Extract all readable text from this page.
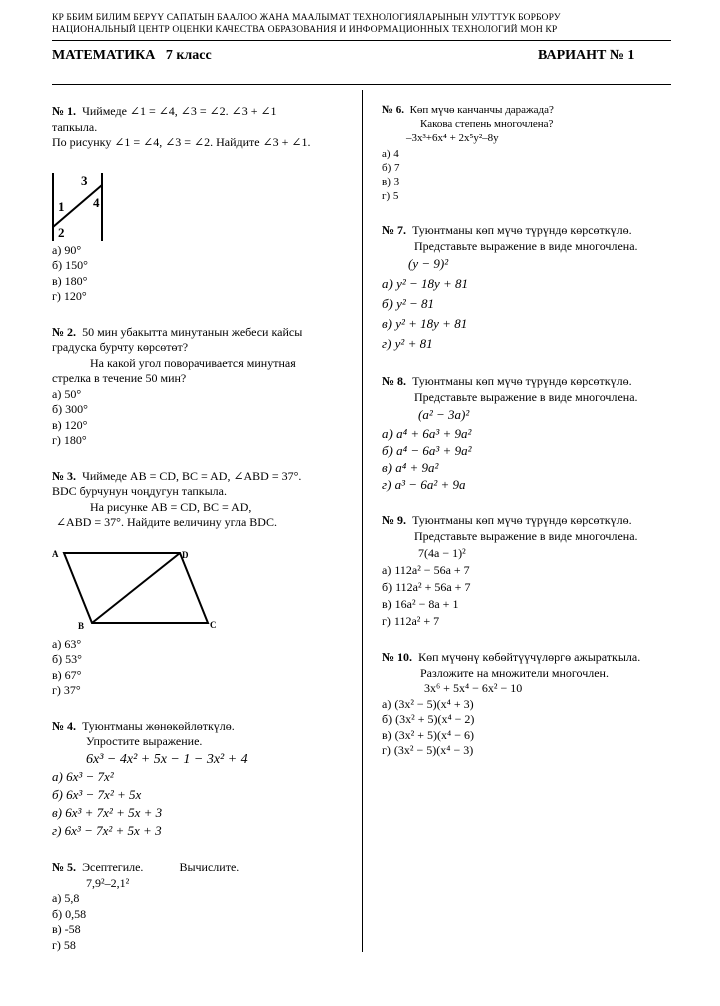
КР ББИМ БИЛИМ БЕРҮҮ САПАТЫН БААЛОО ЖАНА МААЛЫМАТ ТЕХНОЛОГИЯЛАРЫНЫН УЛУТТУК БОРБОРУ
НАЦИОНАЛЬНЫЙ ЦЕНТР ОЦЕНКИ КАЧЕСТВА ОБРАЗОВАНИЯ И ИНФОРМАЦИОННЫХ ТЕХНОЛОГИЙ МОН КР
МАТЕМАТИКА   7 класс	ВАРИАНТ № 1

№ 1. Чиймеде ∠1 = ∠4, ∠3 = ∠2. ∠3 + ∠1

тапкыла.

По рисунку ∠1 = ∠4, ∠3 = ∠2. Найдите ∠3 + ∠1.

3
1 4
2

а) 90°

б) 150°

в) 180°

г) 120°

№ 2. 50 мин убакытта минутанын жебеси кайсы

градуска бурчту көрсөтөт?

На какой угол поворачивается минутная

стрелка в течение 50 мин?

а) 50°

б) 300°

в) 120°

г) 180°

№ 3. Чиймеде AB = CD, BC = AD, ∠ABD = 37°.

BDC бурчунун чоңдугун тапкыла.

На рисунке AB = CD, BC = AD,

∠ABD = 37°. Найдите величину угла BDC.

A	D
B	C

а) 63°

б) 53°

в) 67°

г) 37°

№ 4. Туюнтманы жөнөкөйлөткүлө.

Упростите выражение.

6x³ − 4x² + 5x − 1 − 3x² + 4

а) 6x³ − 7x²

б) 6x³ − 7x² + 5x

в) 6x³ + 7x² + 5x + 3

г) 6x³ − 7x² + 5x + 3

№ 5. Эсептегиле.	Вычислите.

7,9²–2,1²

а) 5,8

б) 0,58

в) -58

г) 58

№ 6. Көп мүчө канчанчы даражада?

Какова степень многочлена?

–3x³+6x⁴ + 2x⁵y²–8y

а) 4

б) 7

в) 3

г) 5

№ 7. Туюнтманы көп мүчө түрүндө көрсөткүлө.

Представьте выражение в виде многочлена.

(y − 9)²

а) y² − 18y + 81

б) y² − 81

в) y² + 18y + 81

г) y² + 81

№ 8. Туюнтманы көп мүчө түрүндө көрсөткүлө.

Представьте выражение в виде многочлена.

(a² − 3a)²

а) a⁴ + 6a³ + 9a²

б) a⁴ − 6a³ + 9a²

в) a⁴ + 9a²

г) a³ − 6a² + 9a

№ 9. Туюнтманы көп мүчө түрүндө көрсөткүлө.

Представьте выражение в виде многочлена.

7(4a − 1)²

а) 112a² − 56a + 7

б) 112a² + 56a + 7

в) 16a² − 8a + 1

г) 112a² + 7

№ 10. Көп мүчөнү көбөйтүүчүлөргө ажыраткыла.

Разложите на множители многочлен.

3x⁶ + 5x⁴ − 6x² − 10

а) (3x² − 5)(x⁴ + 3)

б) (3x² + 5)(x⁴ − 2)

в) (3x² + 5)(x⁴ − 6)

г) (3x² − 5)(x⁴ − 3)
